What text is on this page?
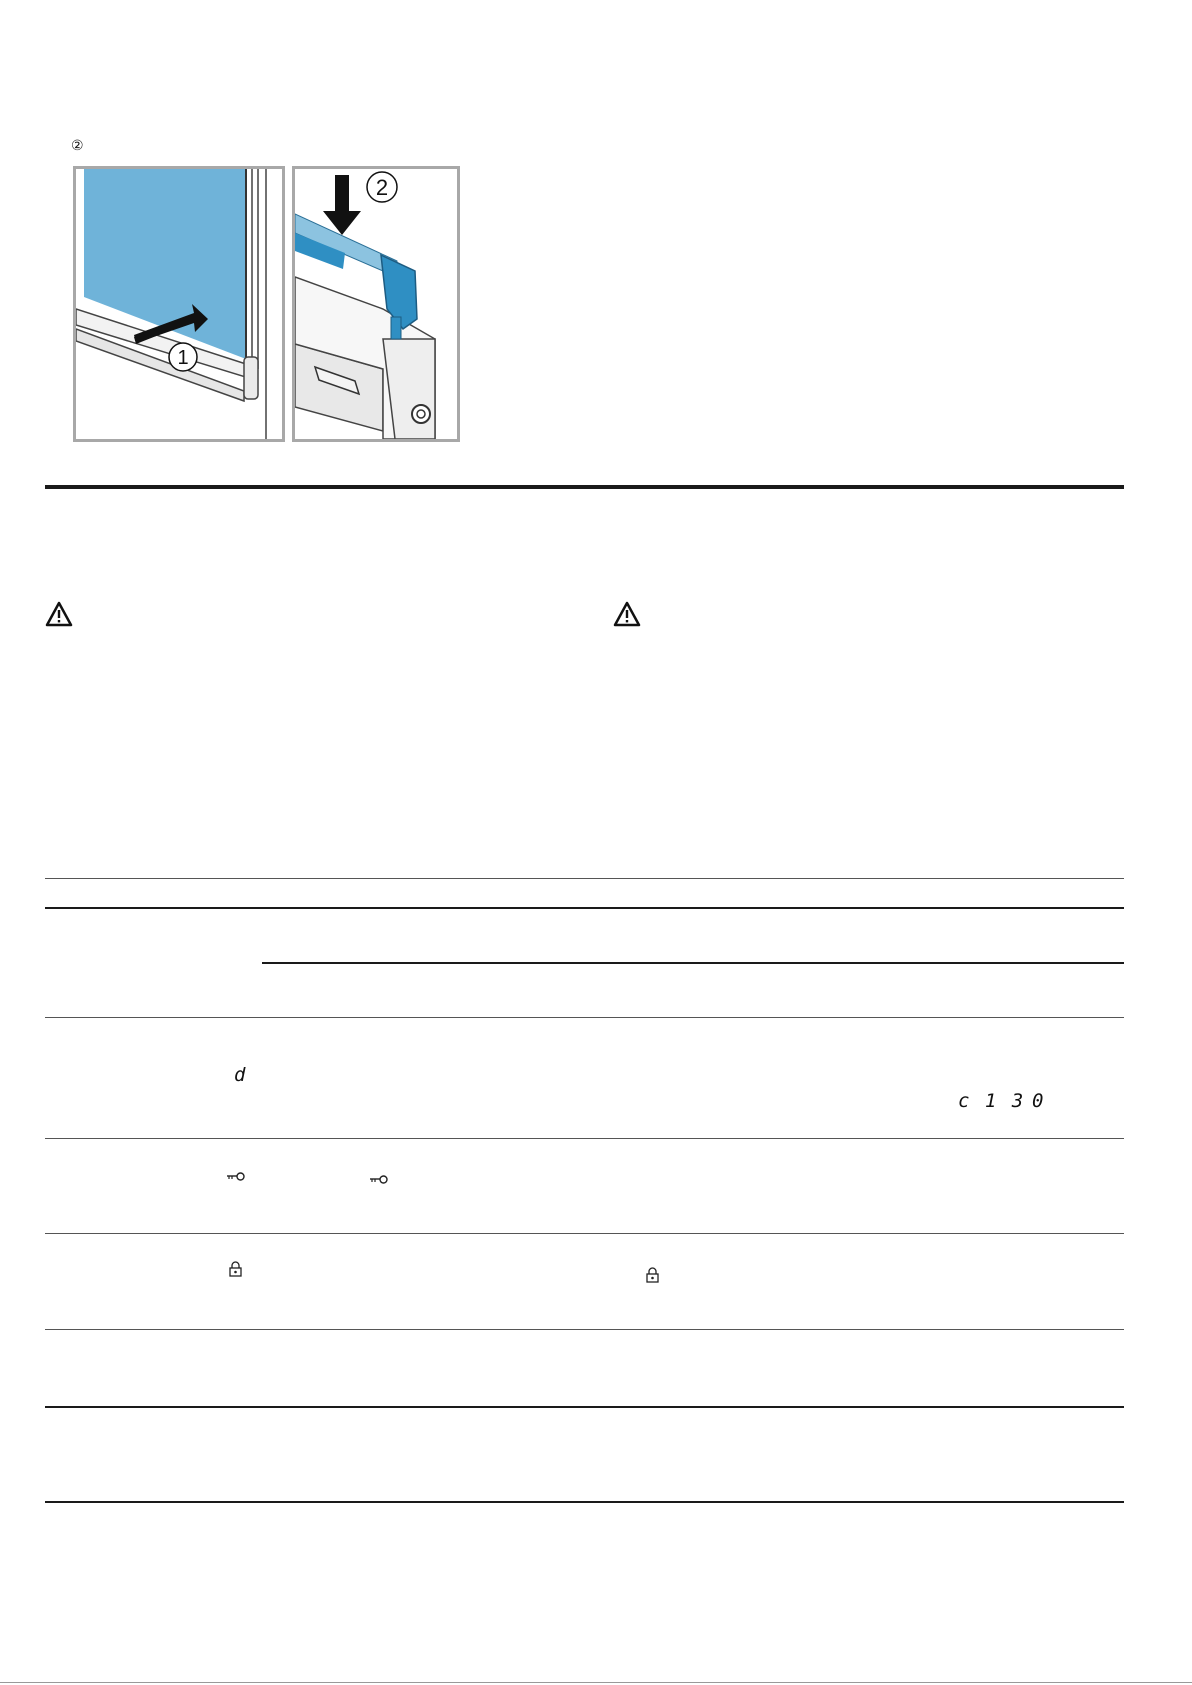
②
1
2
d
c 1 3 0
